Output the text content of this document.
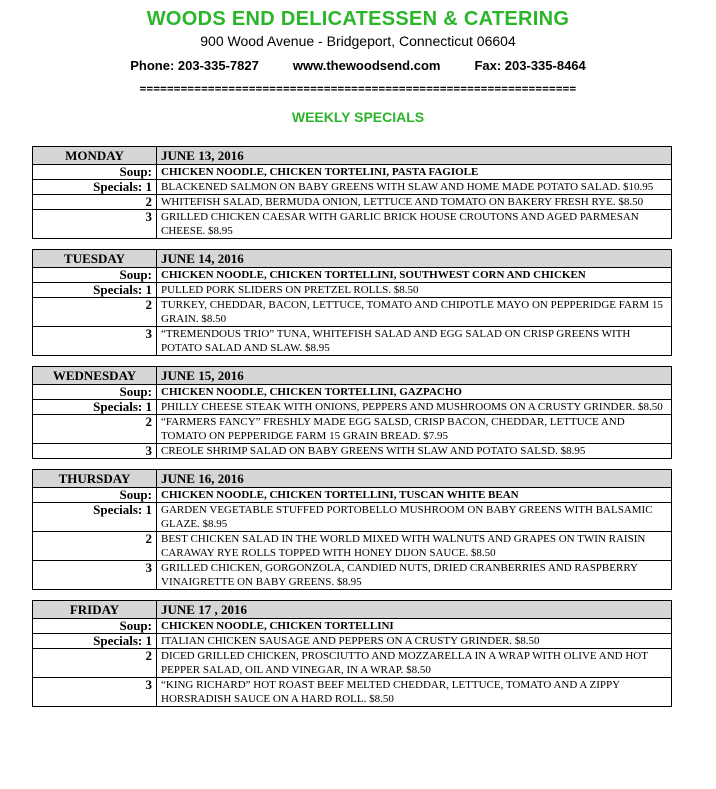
WOODS END DELICATESSEN & CATERING
900 Wood Avenue - Bridgeport, Connecticut 06604
Phone: 203-335-7827	www.thewoodsend.com	Fax: 203-335-8464
================================================================
WEEKLY SPECIALS
MONDAY	JUNE 13, 2016
Soup:	CHICKEN NOODLE, CHICKEN TORTELINI, PASTA FAGIOLE
Specials: 1	BLACKENED SALMON ON BABY GREENS WITH SLAW AND HOME MADE POTATO SALAD. $10.95
2	WHITEFISH SALAD, BERMUDA ONION, LETTUCE AND TOMATO ON BAKERY FRESH RYE. $8.50
3	GRILLED CHICKEN CAESAR WITH GARLIC BRICK HOUSE CROUTONS AND AGED PARMESAN CHEESE. $8.95
TUESDAY	JUNE 14, 2016
Soup:	CHICKEN NOODLE, CHICKEN TORTELLINI, SOUTHWEST CORN AND CHICKEN
Specials: 1	PULLED PORK SLIDERS ON PRETZEL ROLLS. $8.50
2	TURKEY, CHEDDAR, BACON, LETTUCE, TOMATO AND CHIPOTLE MAYO ON PEPPERIDGE FARM 15 GRAIN. $8.50
3	“TREMENDOUS TRIO” TUNA, WHITEFISH SALAD AND EGG SALAD ON CRISP GREENS WITH POTATO SALAD AND SLAW. $8.95
WEDNESDAY	JUNE 15, 2016
Soup:	CHICKEN NOODLE, CHICKEN TORTELLINI, GAZPACHO
Specials: 1	PHILLY CHEESE STEAK WITH ONIONS, PEPPERS AND MUSHROOMS ON A CRUSTY GRINDER. $8.50
2	“FARMERS FANCY” FRESHLY MADE EGG SALSD, CRISP BACON, CHEDDAR, LETTUCE AND TOMATO ON PEPPERIDGE FARM 15 GRAIN BREAD. $7.95
3	CREOLE SHRIMP SALAD ON BABY GREENS WITH SLAW AND POTATO SALSD. $8.95
THURSDAY	JUNE 16, 2016
Soup:	CHICKEN NOODLE, CHICKEN TORTELLINI, TUSCAN WHITE BEAN
Specials: 1	GARDEN VEGETABLE STUFFED PORTOBELLO MUSHROOM ON BABY GREENS WITH BALSAMIC GLAZE. $8.95
2	BEST CHICKEN SALAD IN THE WORLD MIXED WITH WALNUTS AND GRAPES ON TWIN RAISIN CARAWAY RYE ROLLS TOPPED WITH HONEY DIJON SAUCE. $8.50
3	GRILLED CHICKEN, GORGONZOLA, CANDIED NUTS, DRIED CRANBERRIES AND RASPBERRY VINAIGRETTE ON BABY GREENS. $8.95
FRIDAY	JUNE 17 , 2016
Soup:	CHICKEN NOODLE, CHICKEN TORTELLINI
Specials: 1	ITALIAN CHICKEN SAUSAGE AND PEPPERS ON A CRUSTY GRINDER. $8.50
2	DICED GRILLED CHICKEN, PROSCIUTTO AND MOZZARELLA IN A WRAP WITH OLIVE AND HOT PEPPER SALAD, OIL AND VINEGAR, IN A WRAP. $8.50
3	“KING RICHARD” HOT ROAST BEEF MELTED CHEDDAR, LETTUCE, TOMATO AND A ZIPPY HORSRADISH SAUCE ON A HARD ROLL. $8.50
